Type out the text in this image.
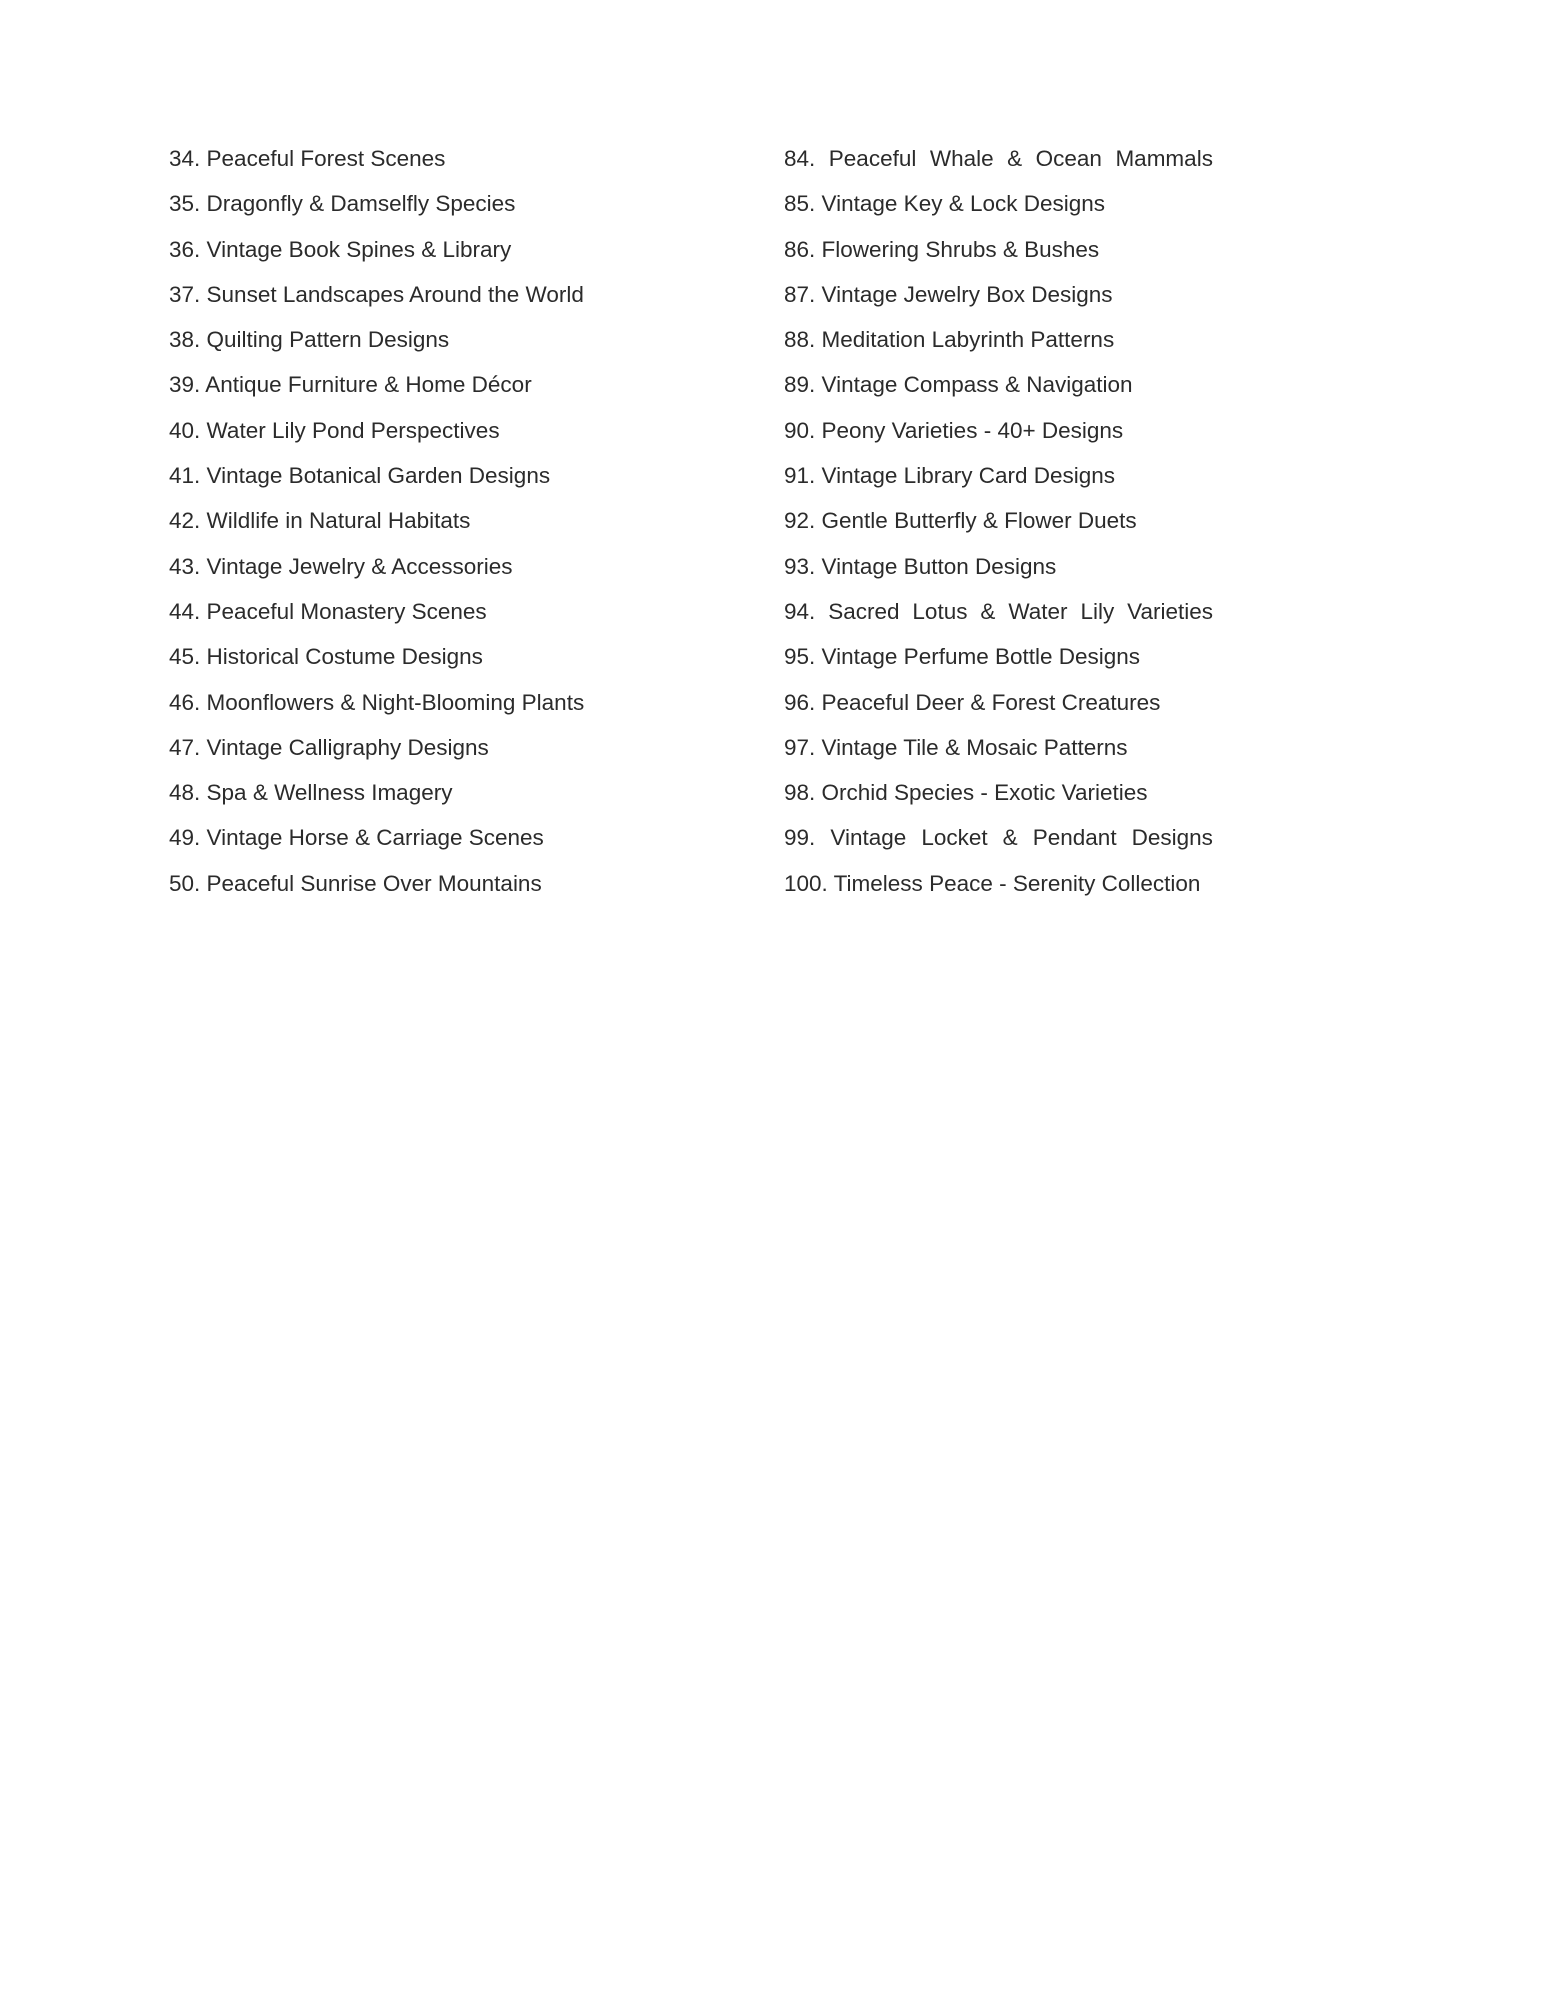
34. Peaceful Forest Scenes
35. Dragonfly & Damselfly Species
36. Vintage Book Spines & Library
37. Sunset Landscapes Around the World
38. Quilting Pattern Designs
39. Antique Furniture & Home Décor
40. Water Lily Pond Perspectives
41. Vintage Botanical Garden Designs
42. Wildlife in Natural Habitats
43. Vintage Jewelry & Accessories
44. Peaceful Monastery Scenes
45. Historical Costume Designs
46. Moonflowers & Night-Blooming Plants
47. Vintage Calligraphy Designs
48. Spa & Wellness Imagery
49. Vintage Horse & Carriage Scenes
50. Peaceful Sunrise Over Mountains
84. Peaceful Whale & Ocean Mammals
85. Vintage Key & Lock Designs
86. Flowering Shrubs & Bushes
87. Vintage Jewelry Box Designs
88. Meditation Labyrinth Patterns
89. Vintage Compass & Navigation
90. Peony Varieties - 40+ Designs
91. Vintage Library Card Designs
92. Gentle Butterfly & Flower Duets
93. Vintage Button Designs
94. Sacred Lotus & Water Lily Varieties
95. Vintage Perfume Bottle Designs
96. Peaceful Deer & Forest Creatures
97. Vintage Tile & Mosaic Patterns
98. Orchid Species - Exotic Varieties
99. Vintage Locket & Pendant Designs
100. Timeless Peace - Serenity Collection
